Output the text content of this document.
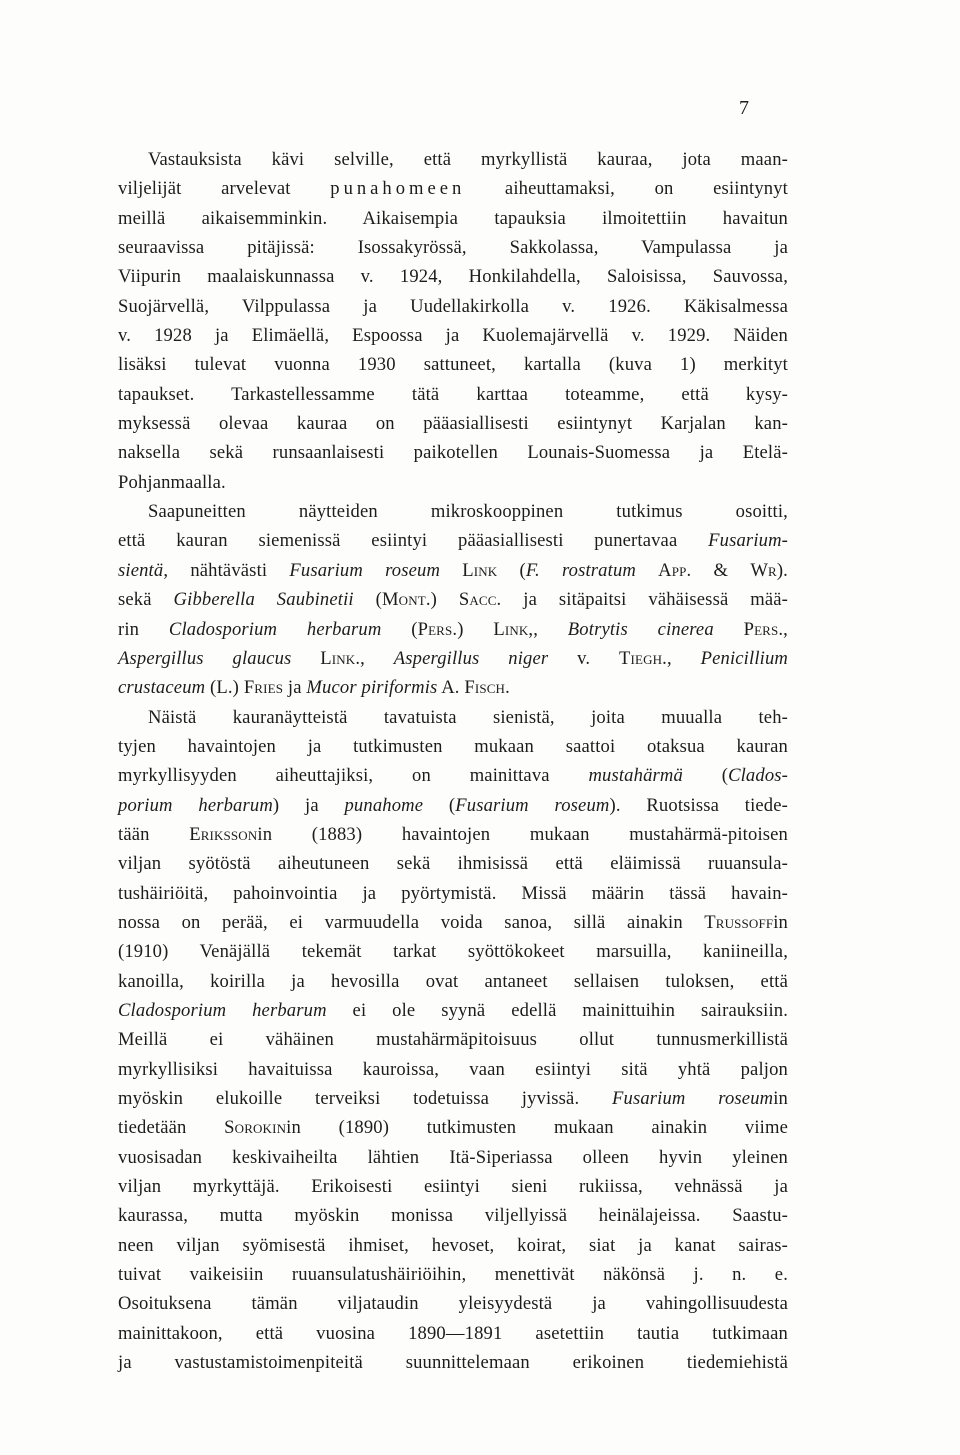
7
Vastauksista kävi selville, että myrkyllistä kauraa, jota maan-
viljelijät arvelevat punahomeen aiheuttamaksi, on esiintynyt
meillä aikaisemminkin. Aikaisempia tapauksia ilmoitettiin havaitun
seuraavissa pitäjissä: Isossakyrössä, Sakkolassa, Vampulassa ja
Viipurin maalaiskunnassa v. 1924, Honkilahdella, Saloisissa, Sauvossa,
Suojärvellä, Vilppulassa ja Uudellakirkolla v. 1926. Käkisalmessa
v. 1928 ja Elimäellä, Espoossa ja Kuolemajärvellä v. 1929. Näiden
lisäksi tulevat vuonna 1930 sattuneet, kartalla (kuva 1) merkityt
tapaukset. Tarkastellessamme tätä karttaa toteamme, että kysy-
myksessä olevaa kauraa on pääasiallisesti esiintynyt Karjalan kan-
naksella sekä runsaanlaisesti paikotellen Lounais-Suomessa ja Etelä-
Pohjanmaalla.
Saapuneitten näytteiden mikroskooppinen tutkimus osoitti,
että kauran siemenissä esiintyi pääasiallisesti punertavaa Fusarium-
sientä, nähtävästi Fusarium roseum Link (F. rostratum App. & Wr).
sekä Gibberella Saubinetii (Mont.) Sacc. ja sitäpaitsi vähäisessä mää-
rin Cladosporium herbarum (Pers.) Link,, Botrytis cinerea Pers.,
Aspergillus glaucus Link., Aspergillus niger v. Tiegh., Penicillium
crustaceum (L.) Fries ja Mucor piriformis A. Fisch.
Näistä kauranäytteistä tavatuista sienistä, joita muualla teh-
tyjen havaintojen ja tutkimusten mukaan saattoi otaksua kauran
myrkyllisyyden aiheuttajiksi, on mainittava mustahärmä (Clados-
porium herbarum) ja punahome (Fusarium roseum). Ruotsissa tiede-
tään Erikssonin (1883) havaintojen mukaan mustahärmä-pitoisen
viljan syötöstä aiheutuneen sekä ihmisissä että eläimissä ruuansula-
tushäiriöitä, pahoinvointia ja pyörtymistä. Missä määrin tässä havain-
nossa on perää, ei varmuudella voida sanoa, sillä ainakin Trussoffin
(1910) Venäjällä tekemät tarkat syöttökokeet marsuilla, kaniineilla,
kanoilla, koirilla ja hevosilla ovat antaneet sellaisen tuloksen, että
Cladosporium herbarum ei ole syynä edellä mainittuihin sairauksiin.
Meillä ei vähäinen mustahärmäpitoisuus ollut tunnusmerkillistä
myrkyllisiksi havaituissa kauroissa, vaan esiintyi sitä yhtä paljon
myöskin elukoille terveiksi todetuissa jyvissä. Fusarium roseumin
tiedetään Sorokinin (1890) tutkimusten mukaan ainakin viime
vuosisadan keskivaiheilta lähtien Itä-Siperiassa olleen hyvin yleinen
viljan myrkyttäjä. Erikoisesti esiintyi sieni rukiissa, vehnässä ja
kaurassa, mutta myöskin monissa viljellyissä heinälajeissa. Saastu-
neen viljan syömisestä ihmiset, hevoset, koirat, siat ja kanat sairas-
tuivat vaikeisiin ruuansulatushäiriöihin, menettivät näkönsä j. n. e.
Osoituksena tämän viljataudin yleisyydestä ja vahingollisuudesta
mainittakoon, että vuosina 1890—1891 asetettiin tautia tutkimaan
ja vastustamistoimenpiteitä suunnittelemaan erikoinen tiedemiehistä
